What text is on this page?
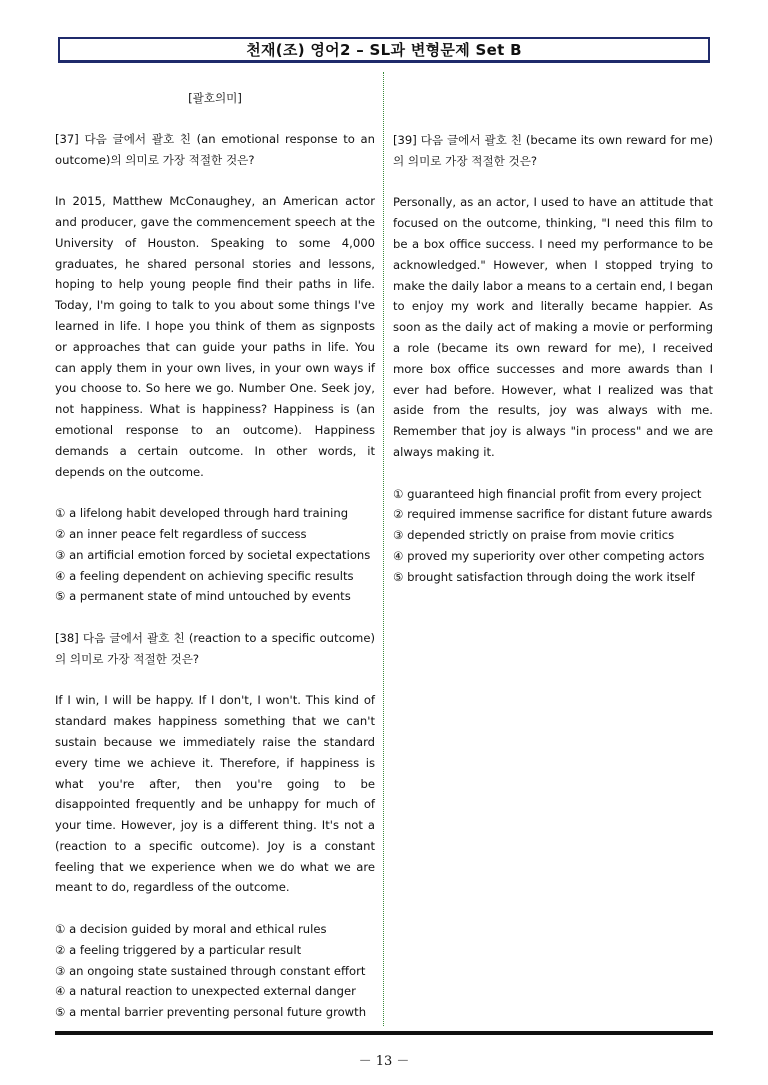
천재(조) 영어2 – SL과 변형문제 Set B
[괄호의미]
[37] 다음 글에서 괄호 친 (an emotional response to an outcome)의 의미로 가장 적절한 것은?
In 2015, Matthew McConaughey, an American actor and producer, gave the commencement speech at the University of Houston. Speaking to some 4,000 graduates, he shared personal stories and lessons, hoping to help young people find their paths in life. Today, I'm going to talk to you about some things I've learned in life. I hope you think of them as signposts or approaches that can guide your paths in life. You can apply them in your own lives, in your own ways if you choose to. So here we go. Number One. Seek joy, not happiness. What is happiness? Happiness is (an emotional response to an outcome). Happiness demands a certain outcome. In other words, it depends on the outcome.
① a lifelong habit developed through hard training
② an inner peace felt regardless of success
③ an artificial emotion forced by societal expectations
④ a feeling dependent on achieving specific results
⑤ a permanent state of mind untouched by events
[38] 다음 글에서 괄호 친 (reaction to a specific outcome)의 의미로 가장 적절한 것은?
If I win, I will be happy. If I don't, I won't. This kind of standard makes happiness something that we can't sustain because we immediately raise the standard every time we achieve it. Therefore, if happiness is what you're after, then you're going to be disappointed frequently and be unhappy for much of your time. However, joy is a different thing. It's not a (reaction to a specific outcome). Joy is a constant feeling that we experience when we do what we are meant to do, regardless of the outcome.
① a decision guided by moral and ethical rules
② a feeling triggered by a particular result
③ an ongoing state sustained through constant effort
④ a natural reaction to unexpected external danger
⑤ a mental barrier preventing personal future growth
[39] 다음 글에서 괄호 친 (became its own reward for me)의 의미로 가장 적절한 것은?
Personally, as an actor, I used to have an attitude that focused on the outcome, thinking, "I need this film to be a box office success. I need my performance to be acknowledged." However, when I stopped trying to make the daily labor a means to a certain end, I began to enjoy my work and literally became happier. As soon as the daily act of making a movie or performing a role (became its own reward for me), I received more box office successes and more awards than I ever had before. However, what I realized was that aside from the results, joy was always with me. Remember that joy is always "in process" and we are always making it.
① guaranteed high financial profit from every project
② required immense sacrifice for distant future awards
③ depended strictly on praise from movie critics
④ proved my superiority over other competing actors
⑤ brought satisfaction through doing the work itself
－ 13 －
